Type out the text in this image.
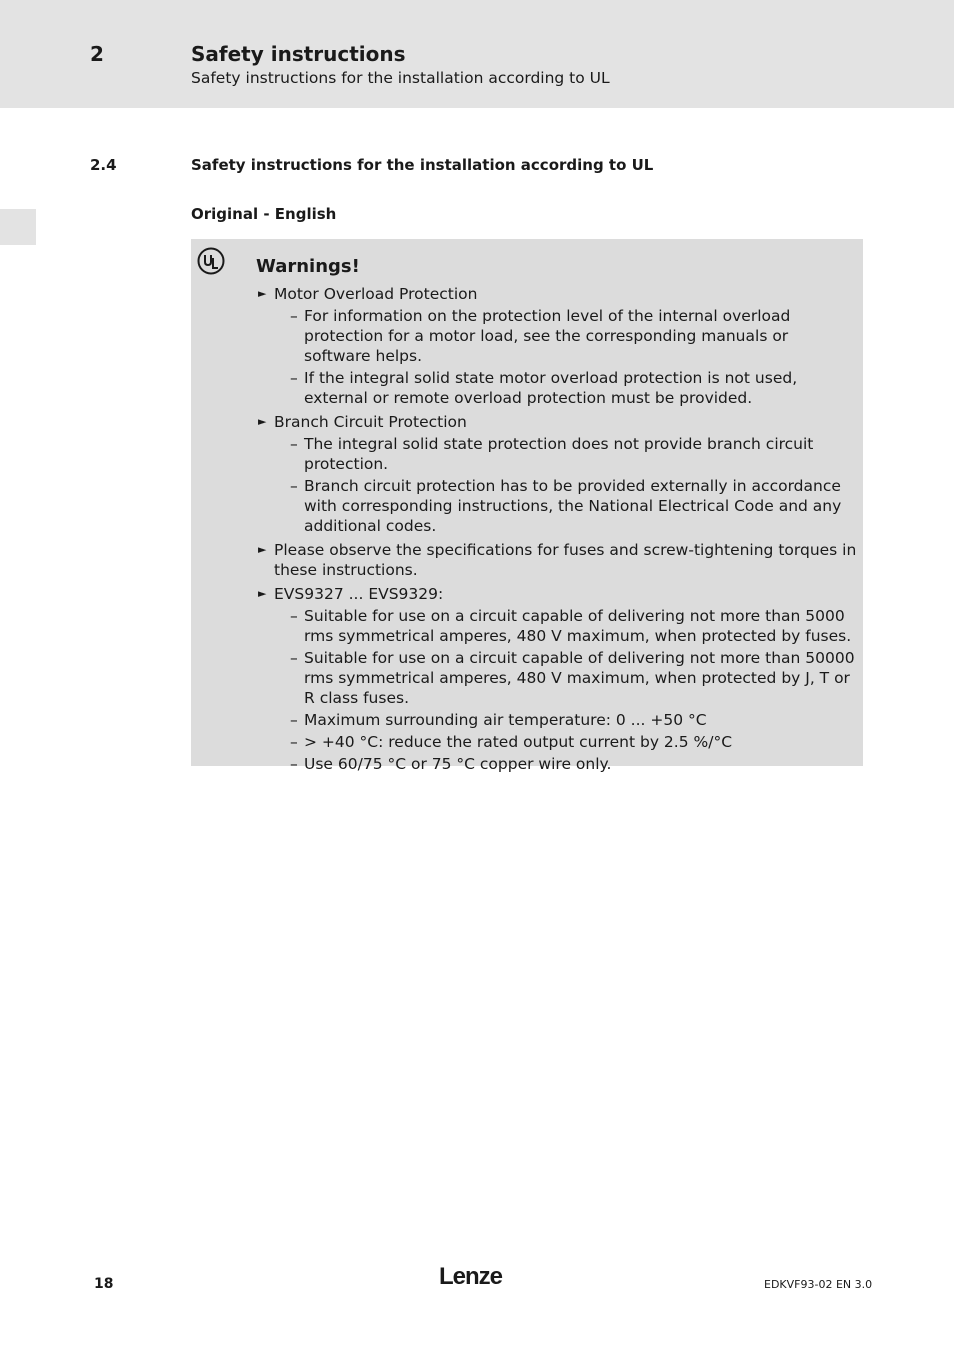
2	Safety instructions
Safety instructions for the installation according to UL
2.4	Safety instructions for the installation according to UL
Original - English
Warnings!
► Motor Overload Protection
– For information on the protection level of the internal overload protection for a motor load, see the corresponding manuals or software helps.
– If the integral solid state motor overload protection is not used, external or remote overload protection must be provided.
► Branch Circuit Protection
– The integral solid state protection does not provide branch circuit protection.
– Branch circuit protection has to be provided externally in accordance with corresponding instructions, the National Electrical Code and any additional codes.
► Please observe the specifications for fuses and screw-tightening torques in these instructions.
► EVS9327 ... EVS9329:
– Suitable for use on a circuit capable of delivering not more than 5000 rms symmetrical amperes, 480 V maximum, when protected by fuses.
– Suitable for use on a circuit capable of delivering not more than 50000 rms symmetrical amperes, 480 V maximum, when protected by J, T or R class fuses.
– Maximum surrounding air temperature: 0 ... +50 °C
– > +40 °C: reduce the rated output current by 2.5 %/°C
– Use 60/75 °C or 75 °C copper wire only.
18	Lenze	EDKVF93-02 EN 3.0
